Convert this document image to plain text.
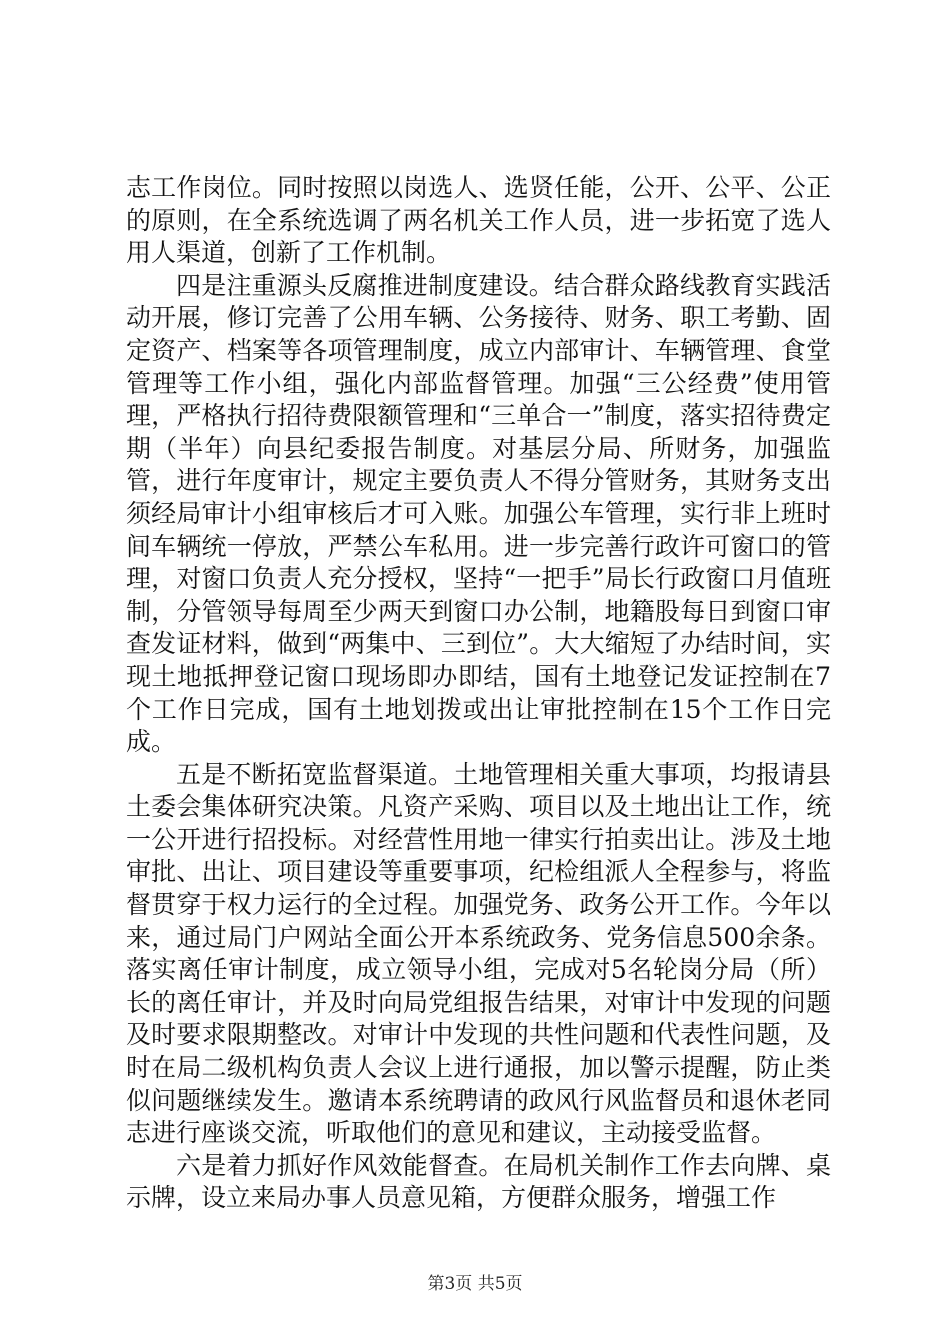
志工作岗位。同时按照以岗选人、选贤任能，公开、公平、公正的原则，在全系统选调了两名机关工作人员，进一步拓宽了选人用人渠道，创新了工作机制。

四是注重源头反腐推进制度建设。结合群众路线教育实践活动开展，修订完善了公用车辆、公务接待、财务、职工考勤、固定资产、档案等各项管理制度，成立内部审计、车辆管理、食堂管理等工作小组，强化内部监督管理。加强“三公经费”使用管理，严格执行招待费限额管理和“三单合一”制度，落实招待费定期（半年）向县纪委报告制度。对基层分局、所财务，加强监管，进行年度审计，规定主要负责人不得分管财务，其财务支出须经局审计小组审核后才可入账。加强公车管理，实行非上班时间车辆统一停放，严禁公车私用。进一步完善行政许可窗口的管理，对窗口负责人充分授权，坚持“一把手”局长行政窗口月值班制，分管领导每周至少两天到窗口办公制，地籍股每日到窗口审查发证材料，做到“两集中、三到位”。大大缩短了办结时间，实现土地抵押登记窗口现场即办即结，国有土地登记发证控制在7个工作日完成，国有土地划拨或出让审批控制在15个工作日完成。

五是不断拓宽监督渠道。土地管理相关重大事项，均报请县土委会集体研究决策。凡资产采购、项目以及土地出让工作，统一公开进行招投标。对经营性用地一律实行拍卖出让。涉及土地审批、出让、项目建设等重要事项，纪检组派人全程参与，将监督贯穿于权力运行的全过程。加强党务、政务公开工作。今年以来，通过局门户网站全面公开本系统政务、党务信息500余条。落实离任审计制度，成立领导小组，完成对5名轮岗分局（所）长的离任审计，并及时向局党组报告结果，对审计中发现的问题及时要求限期整改。对审计中发现的共性问题和代表性问题，及时在局二级机构负责人会议上进行通报，加以警示提醒，防止类似问题继续发生。邀请本系统聘请的政风行风监督员和退休老同志进行座谈交流，听取他们的意见和建议，主动接受监督。

六是着力抓好作风效能督查。在局机关制作工作去向牌、桌示牌，设立来局办事人员意见箱，方便群众服务，增强工作

第3页 共5页
